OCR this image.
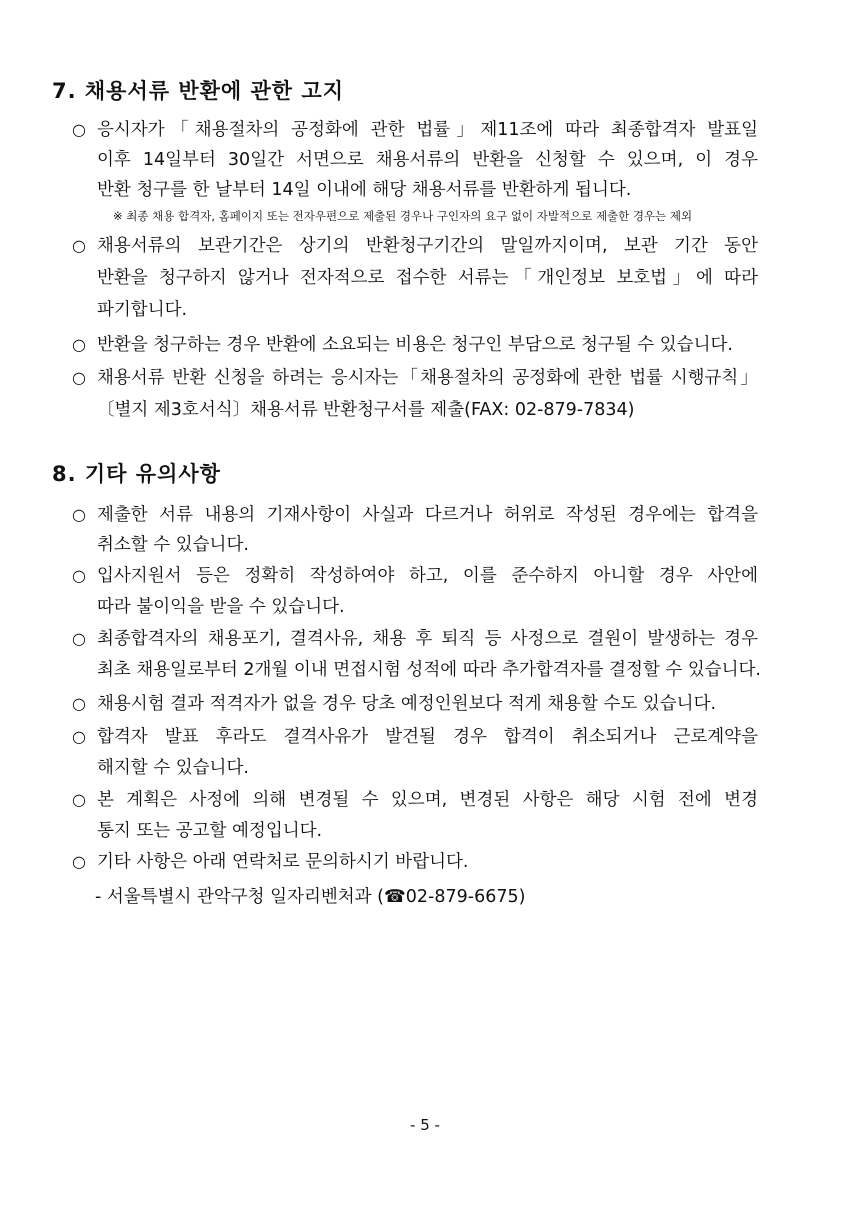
7. 채용서류 반환에 관한 고지
○ 응시자가「채용절차의 공정화에 관한 법률」제11조에 따라 최종합격자 발표일
이후 14일부터 30일간 서면으로 채용서류의 반환을 신청할 수 있으며, 이 경우
반환 청구를 한 날부터 14일 이내에 해당 채용서류를 반환하게 됩니다.
○ 채용서류의 보관기간은 상기의 반환청구기간의 말일까지이며, 보관 기간 동안
반환을 청구하지 않거나 전자적으로 접수한 서류는「개인정보 보호법」에 따라
파기합니다.
○ 반환을 청구하는 경우 반환에 소요되는 비용은 청구인 부담으로 청구될 수 있습니다.
○ 채용서류 반환 신청을 하려는 응시자는「채용절차의 공정화에 관한 법률 시행규칙」
〔별지 제3호서식〕채용서류 반환청구서를 제출(FAX: 02-879-7834)
※ 최종 채용 합격자, 홈페이지 또는 전자우편으로 제출된 경우나 구인자의 요구 없이 자발적으로 제출한 경우는 제외
8. 기타 유의사항
○ 제출한 서류 내용의 기재사항이 사실과 다르거나 허위로 작성된 경우에는 합격을
취소할 수 있습니다.
○ 입사지원서 등은 정확히 작성하여야 하고, 이를 준수하지 아니할 경우 사안에
따라 불이익을 받을 수 있습니다.
○ 최종합격자의 채용포기, 결격사유, 채용 후 퇴직 등 사정으로 결원이 발생하는 경우
최초 채용일로부터 2개월 이내 면접시험 성적에 따라 추가합격자를 결정할 수 있습니다.
○ 채용시험 결과 적격자가 없을 경우 당초 예정인원보다 적게 채용할 수도 있습니다.
○ 합격자 발표 후라도 결격사유가 발견될 경우 합격이 취소되거나 근로계약을
해지할 수 있습니다.
○ 본 계획은 사정에 의해 변경될 수 있으며, 변경된 사항은 해당 시험 전에 변경
통지 또는 공고할 예정입니다.
○ 기타 사항은 아래 연락처로 문의하시기 바랍니다.
- 서울특별시 관악구청 일자리벤처과 (☎02-879-6675)
- 5 -
